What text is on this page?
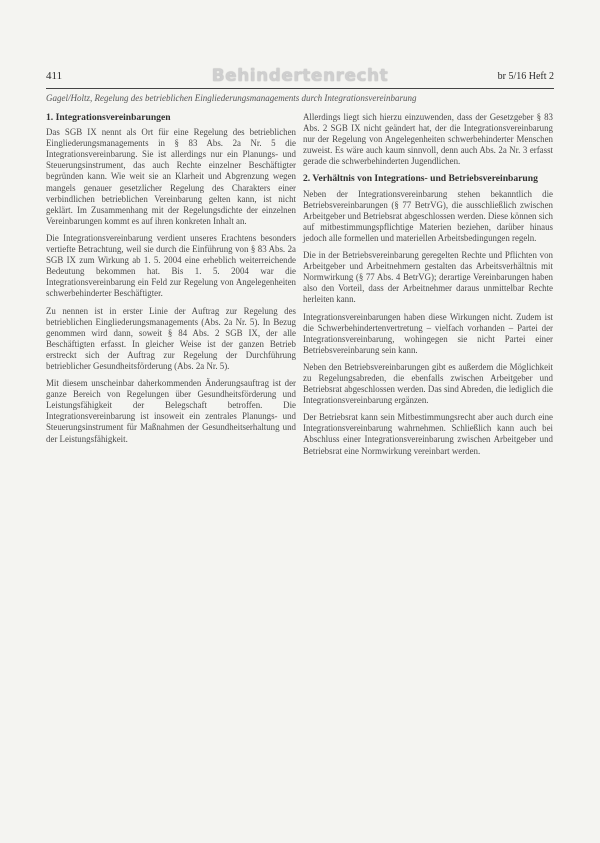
411	Behindertenrecht	br 5/16 Heft 2
Gagel/Holtz, Regelung des betrieblichen Eingliederungsmanagements durch Integrationsvereinbarung
1. Integrationsvereinbarungen

Das SGB IX nennt als Ort für eine Regelung des betrieblichen Eingliederungsmanagements in § 83 Abs. 2a Nr. 5 die Integrationsvereinbarung. Sie ist allerdings nur ein Planungs- und Steuerungsinstrument, das auch Rechte einzelner Beschäftigter begründen kann. Wie weit sie an Klarheit und Abgrenzung wegen mangels genauer gesetzlicher Regelung des Charakters einer verbindlichen betrieblichen Vereinbarung gelten kann, ist nicht geklärt. Im Zusammenhang mit der Regelungsdichte der einzelnen Vereinbarungen kommt es auf ihren konkreten Inhalt an.

Die Integrationsvereinbarung verdient unseres Erachtens besonders vertiefte Betrachtung, weil sie durch die Einführung von § 83 Abs. 2a SGB IX zum Wirkung ab 1. 5. 2004 eine erheblich weiterreichende Bedeutung bekommen hat. Bis 1. 5. 2004 war die Integrationsvereinbarung ein Feld zur Regelung von Angelegenheiten schwerbehinderter Beschäftigter.

Zu nennen ist in erster Linie der Auftrag zur Regelung des betrieblichen Eingliederungsmanagements (Abs. 2a Nr. 5). In Bezug genommen wird dann, soweit § 84 Abs. 2 SGB IX, der alle Beschäftigten erfasst. In gleicher Weise ist der ganzen Betrieb erstreckt sich der Auftrag zur Regelung der Durchführung betrieblicher Gesundheitsförderung (Abs. 2a Nr. 5).

Mit diesem unscheinbar daherkommenden Änderungsauftrag ist der ganze Bereich von Regelungen über Gesundheitsförderung und Leistungsfähigkeit der Belegschaft betroffen. Die Integrationsvereinbarung ist insoweit ein zentrales Planungs- und Steuerungsinstrument für Maßnahmen der Gesundheitserhaltung und der Leistungsfähigkeit.

Allerdings liegt sich hierzu einzuwenden, dass der Gesetzgeber § 83 Abs. 2 SGB IX nicht geändert hat, der die Integrationsvereinbarung nur der Regelung von Angelegenheiten schwerbehinderter Menschen zuweist. Es wäre auch kaum sinnvoll, denn auch Abs. 2a Nr. 3 erfasst gerade die schwerbehinderten Jugendlichen.

2. Verhältnis von Integrations- und Betriebsvereinbarung

Neben der Integrationsvereinbarung stehen bekanntlich die Betriebsvereinbarungen (§ 77 BetrVG), die ausschließlich zwischen Arbeitgeber und Betriebsrat abgeschlossen werden. Diese können sich auf mitbestimmungspflichtige Materien beziehen, darüber hinaus jedoch alle formellen und materiellen Arbeitsbedingungen regeln.

Die in der Betriebsvereinbarung geregelten Rechte und Pflichten von Arbeitgeber und Arbeitnehmern gestalten das Arbeitsverhältnis mit Normwirkung (§ 77 Abs. 4 BetrVG); derartige Vereinbarungen haben also den Vorteil, dass der Arbeitnehmer daraus unmittelbar Rechte herleiten kann.

Integrationsvereinbarungen haben diese Wirkungen nicht. Zudem ist die Schwerbehindertenvertretung – vielfach vorhanden – Partei der Integrationsvereinbarung, wohingegen sie nicht Partei einer Betriebsvereinbarung sein kann.

Neben den Betriebsvereinbarungen gibt es außerdem die Möglichkeit zu Regelungsabreden, die ebenfalls zwischen Arbeitgeber und Betriebsrat abgeschlossen werden. Das sind Abreden, die lediglich die Integrationsvereinbarung ergänzen.

Der Betriebsrat kann sein Mitbestimmungsrecht aber auch durch eine Integrationsvereinbarung wahrnehmen. Schließlich kann auch bei Abschluss einer Integrationsvereinbarung zwischen Arbeitgeber und Betriebsrat eine Normwirkung vereinbart werden.
